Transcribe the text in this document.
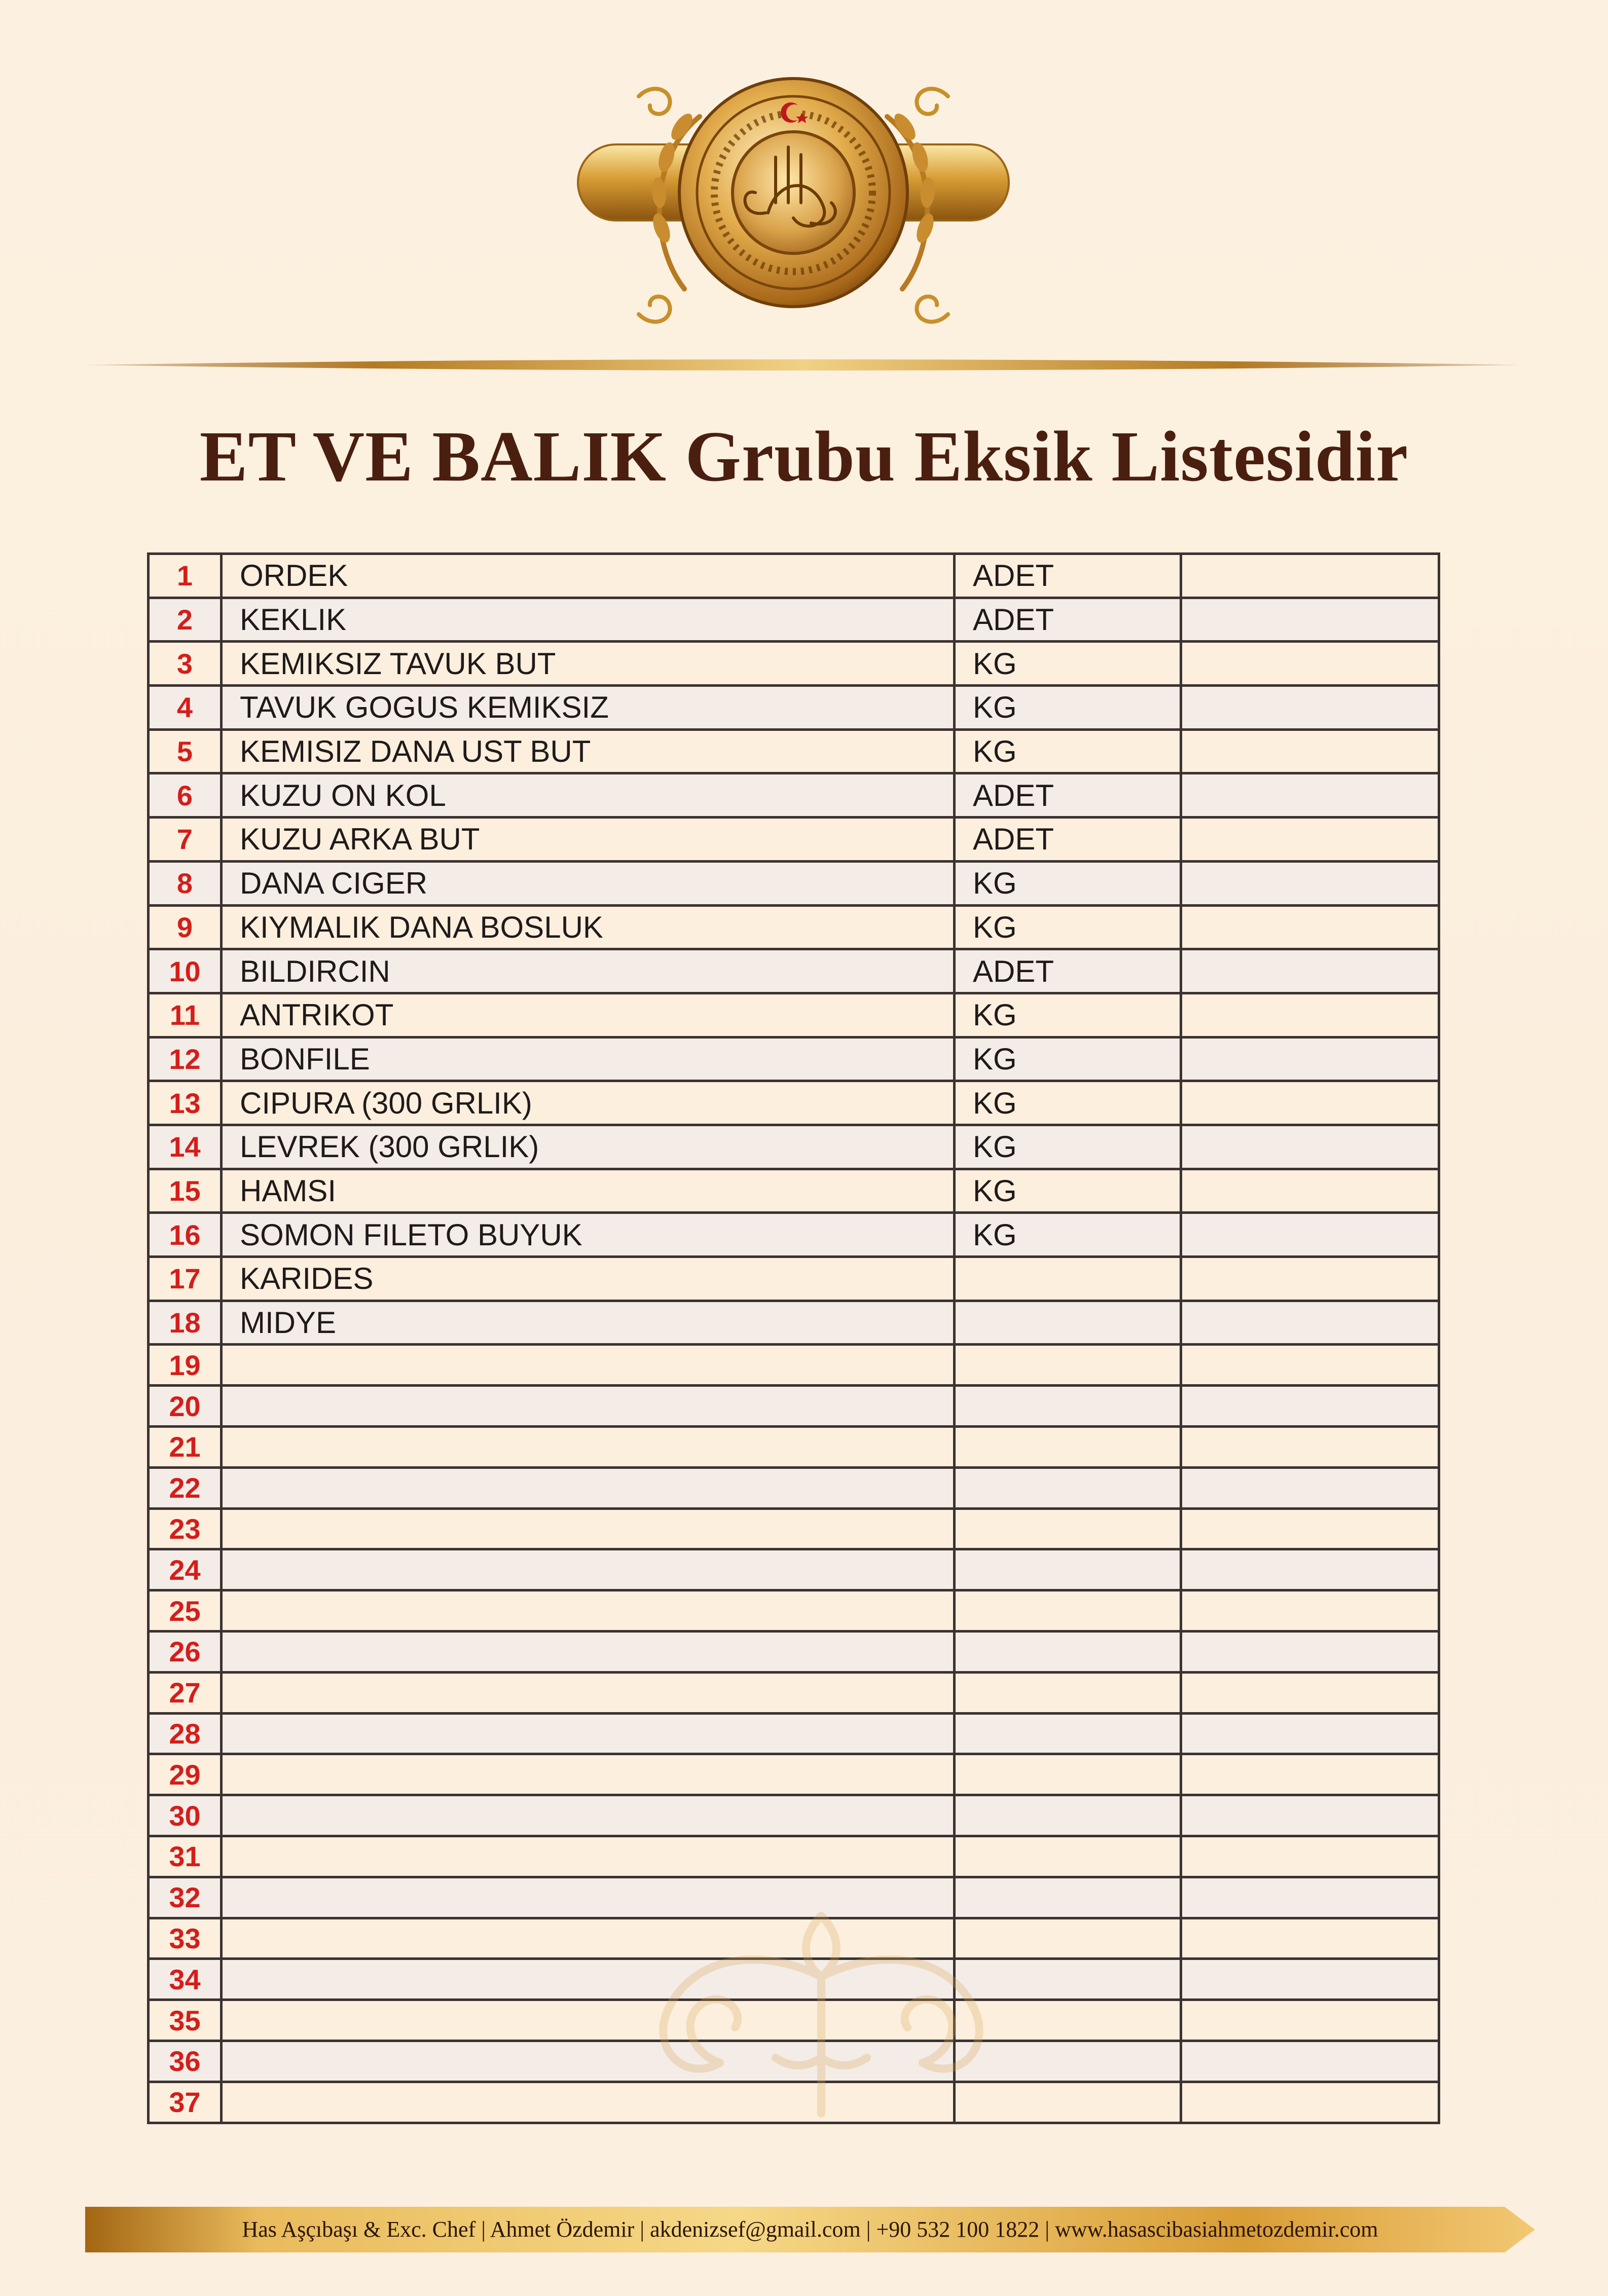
ET VE BALIK Grubu Eksik Listesidir
1	ORDEK	ADET	
2	KEKLIK	ADET	
3	KEMIKSIZ TAVUK BUT	KG	
4	TAVUK GOGUS KEMIKSIZ	KG	
5	KEMISIZ DANA UST BUT	KG	
6	KUZU ON KOL	ADET	
7	KUZU ARKA BUT	ADET	
8	DANA CIGER	KG	
9	KIYMALIK DANA BOSLUK	KG	
10	BILDIRCIN	ADET	
11	ANTRIKOT	KG	
12	BONFILE	KG	
13	CIPURA (300 GRLIK)	KG	
14	LEVREK (300 GRLIK)	KG	
15	HAMSI	KG	
16	SOMON FILETO BUYUK	KG	
17	KARIDES		
18	MIDYE		
19			
20			
21			
22			
23			
24			
25			
26			
27			
28			
29			
30			
31			
32			
33			
34			
35			
36			
37			
Has Aşçıbaşı & Exc. Chef | Ahmet Özdemir | akdenizsef@gmail.com | +90 532 100 1822 | www.hasascibasiahmetozdemir.com
